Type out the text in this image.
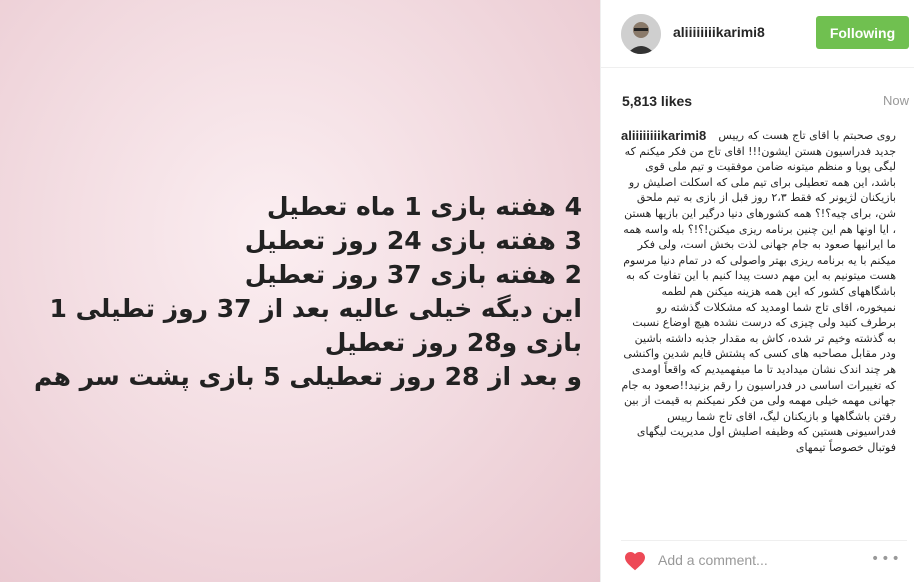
4 هفته بازی 1 ماه تعطیل

3 هفته بازی 24 روز تعطیل

2 هفته بازی 37 روز تعطیل

این دیگه خیلی عالیه بعد از 37 روز تطیلی 1 بازی و28 روز تعطیل

و بعد از 28 روز تعطیلی 5 بازی پشت سر هم

aliiiiiiiikarimi8	Following
5,813 likes	Now
aliiiiiiiikarimi8	روی صحبتم با اقای تاج هست که رییس جدید فدراسیون هستن ایشون!!! اقای تاج من فکر میکنم که لیگی پویا و منظم میتونه ضامن موفقیت و تیم ملی قوی باشد، این همه تعطیلی برای تیم ملی که اسکلت اصلیش رو بازیکنان لژیونر که فقط ۲،۳ روز قبل از بازی به تیم ملحق شن، برای چیه؟!؟ همه کشورهای دنیا درگیر این بازیها هستن ، ایا اونها هم این چنین برنامه ریزی میکنن!؟!؟ بله واسه همه ما ایرانیها صعود به جام جهانی لذت بخش است، ولی فکر میکنم با یه برنامه ریزی بهتر واصولی که در تمام دنیا مرسوم هست میتونیم به این مهم دست پیدا کنیم با این تفاوت که به باشگاههای کشور که این همه هزینه میکنن هم لطمه نمیخوره، اقای تاج شما اومدید که مشکلات گذشته رو برطرف کنید ولی چیزی که درست نشده هیچ اوضاع نسبت به گذشته وخیم تر شده، کاش به مقدار جذبه داشته باشین ودر مقابل مصاحبه های کسی که پشتش قایم شدین واکنشی هر چند اندک نشان میدادید تا ما میفهمیدیم که واقعاً اومدی که تغییرات اساسی در فدراسیون را رقم بزنید!!صعود به جام جهانی مهمه خیلی مهمه ولی من فکر نمیکنم به قیمت از بین رفتن باشگاهها و بازیکنان لیگ، اقای تاج شما رییس فدراسیونی هستین که وظیفه اصلیش اول مدیریت لیگهای فوتبال خصوصاً تیمهای
Add a comment...	•••
